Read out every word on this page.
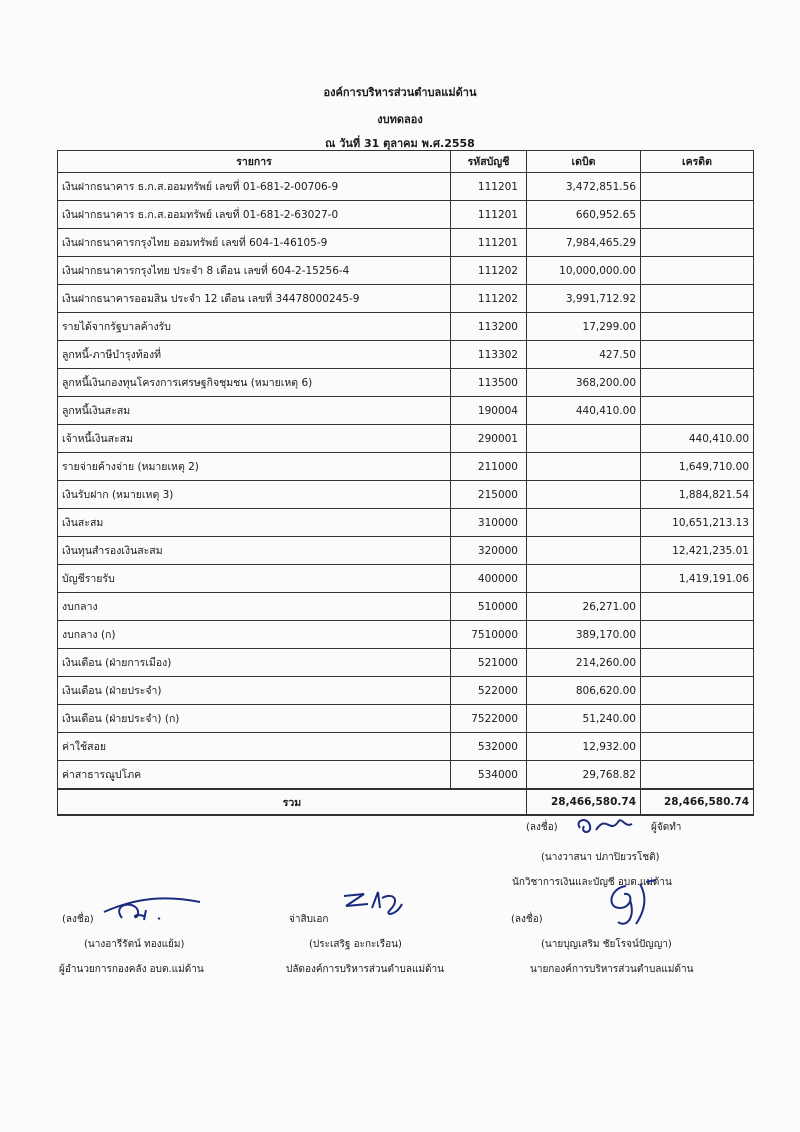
องค์การบริหารส่วนตำบลแม่ด้าน
งบทดลอง
ณ วันที่ 31 ตุลาคม พ.ศ.2558
รายการ	รหัสบัญชี	เดบิต	เครดิต
เงินฝากธนาคาร ธ.ก.ส.ออมทรัพย์ เลขที่ 01-681-2-00706-9	111201	3,472,851.56	
เงินฝากธนาคาร ธ.ก.ส.ออมทรัพย์ เลขที่ 01-681-2-63027-0	111201	660,952.65	
เงินฝากธนาคารกรุงไทย ออมทรัพย์ เลขที่ 604-1-46105-9	111201	7,984,465.29	
เงินฝากธนาคารกรุงไทย ประจำ 8 เดือน เลขที่ 604-2-15256-4	111202	10,000,000.00	
เงินฝากธนาคารออมสิน ประจำ 12 เดือน เลขที่ 34478000245-9	111202	3,991,712.92	
รายได้จากรัฐบาลค้างรับ	113200	17,299.00	
ลูกหนี้-ภาษีบำรุงท้องที่	113302	427.50	
ลูกหนี้เงินกองทุนโครงการเศรษฐกิจชุมชน (หมายเหตุ 6)	113500	368,200.00	
ลูกหนี้เงินสะสม	190004	440,410.00	
เจ้าหนี้เงินสะสม	290001		440,410.00
รายจ่ายค้างจ่าย (หมายเหตุ 2)	211000		1,649,710.00
เงินรับฝาก (หมายเหตุ 3)	215000		1,884,821.54
เงินสะสม	310000		10,651,213.13
เงินทุนสำรองเงินสะสม	320000		12,421,235.01
บัญชีรายรับ	400000		1,419,191.06
งบกลาง	510000	26,271.00	
งบกลาง (ก)	7510000	389,170.00	
เงินเดือน (ฝ่ายการเมือง)	521000	214,260.00	
เงินเดือน (ฝ่ายประจำ)	522000	806,620.00	
เงินเดือน (ฝ่ายประจำ) (ก)	7522000	51,240.00	
ค่าใช้สอย	532000	12,932.00	
ค่าสาธารณูปโภค	534000	29,768.82	
รวม		28,466,580.74	28,466,580.74
(ลงชื่อ)	ผู้จัดทำ
(นางวาสนา ปภาปิยวรโชติ)
นักวิชาการเงินและบัญชี อบต.แม่ด้าน
(ลงชื่อ)
(นางอารีรัตน์ ทองแย้ม)
ผู้อำนวยการกองคลัง อบต.แม่ด้าน
จ่าสิบเอก
(ประเสริฐ อะกะเรือน)
ปลัดองค์การบริหารส่วนตำบลแม่ด้าน
(ลงชื่อ)
(นายบุญเสริม ชัยโรจน์ปัญญา)
นายกองค์การบริหารส่วนตำบลแม่ด้าน
